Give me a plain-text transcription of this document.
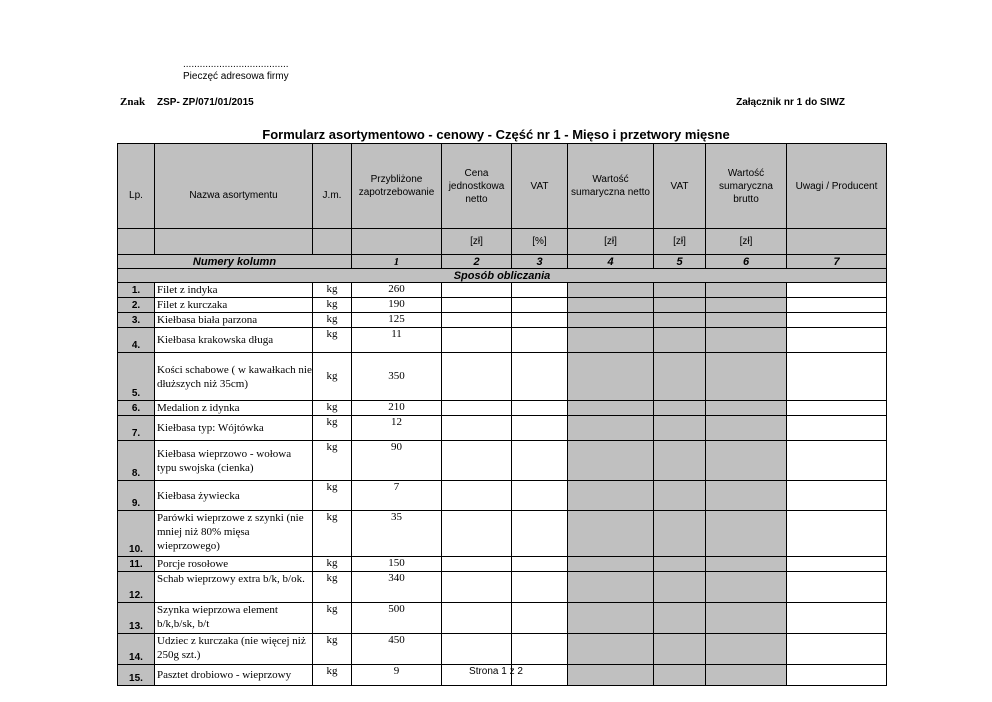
......................................
Pieczęć adresowa firmy
Znak ZSP- ZP/071/01/2015	Załącznik nr 1 do SIWZ
Formularz asortymentowo - cenowy - Część nr 1 - Mięso i przetwory mięsne
Lp.	Nazwa asortymentu	J.m.	Przybliżone zapotrzebowanie	Cena jednostkowa netto	VAT	Wartość sumaryczna netto	VAT	Wartość sumaryczna brutto	Uwagi / Producent
				[zł]	[%]	[zł]	[zł]	[zł]	
Numery kolumn			1	2	3	4	5	6	7
Sposób obliczania									
1.	Filet z indyka	kg	260						
2.	Filet z kurczaka	kg	190						
3.	Kiełbasa biała parzona	kg	125						
4.	Kiełbasa krakowska długa	kg	11						
5.	Kości schabowe ( w kawałkach nie dłuższych niż 35cm)	kg	350						
6.	Medalion z idynka	kg	210						
7.	Kiełbasa typ: Wójtówka	kg	12						
8.	Kiełbasa wieprzowo - wołowa typu swojska (cienka)	kg	90						
9.	Kiełbasa żywiecka	kg	7						
10.	Parówki wieprzowe z szynki (nie mniej niż 80% mięsa wieprzowego)	kg	35						
11.	Porcje rosołowe	kg	150						
12.	Schab wieprzowy extra b/k, b/ok.	kg	340						
13.	Szynka wieprzowa element b/k,b/sk, b/t	kg	500						
14.	Udziec z kurczaka (nie więcej niż 250g szt.)	kg	450						
15.	Pasztet drobiowo - wieprzowy	kg	9							Strona 1 z 2
